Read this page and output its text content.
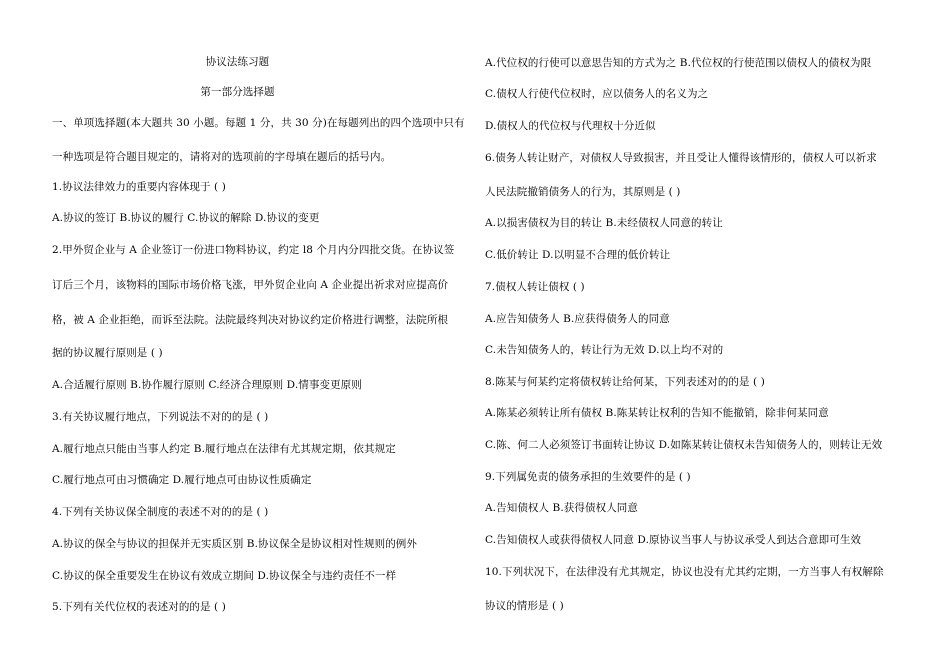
协议法练习题
第一部分选择题
一、单项选择题(本大题共 30 小题。每题 1 分，共 30 分)在每题列出的四个选项中只有
一种选项是符合题目规定的，请将对的选项前的字母填在题后的括号内。
1.协议法律效力的重要内容体现于 ( )
A.协议的签订 B.协议的履行 C.协议的解除 D.协议的变更
2.甲外贸企业与 A 企业签订一份进口物料协议，约定 l8 个月内分四批交货。在协议签
订后三个月，该物料的国际市场价格飞涨，甲外贸企业向 A 企业提出祈求对应提高价
格，被 A 企业拒绝，而诉至法院。法院最终判决对协议约定价格进行调整，法院所根
据的协议履行原则是 ( )
A.合适履行原则 B.协作履行原则 C.经济合理原则 D.情事变更原则
3.有关协议履行地点，下列说法不对的的是 ( )
A.履行地点只能由当事人约定 B.履行地点在法律有尤其规定期，依其规定
C.履行地点可由习惯确定 D.履行地点可由协议性质确定
4.下列有关协议保全制度的表述不对的的是 ( )
A.协议的保全与协议的担保并无实质区别 B.协议保全是协议相对性规则的例外
C.协议的保全重要发生在协议有效成立期间 D.协议保全与违约责任不一样
5.下列有关代位权的表述对的的是 ( )
A.代位权的行使可以意思告知的方式为之 B.代位权的行使范围以债权人的债权为限
C.债权人行使代位权时，应以债务人的名义为之
D.债权人的代位权与代理权十分近似
6.债务人转让财产，对债权人导致损害，并且受让人懂得该情形的，债权人可以祈求
人民法院撤销债务人的行为，其原则是 ( )
A.以损害债权为目的转让 B.未经债权人同意的转让
C.低价转让 D.以明显不合理的低价转让
7.债权人转让债权 ( )
A.应告知债务人 B.应获得债务人的同意
C.未告知债务人的，转让行为无效 D.以上均不对的
8.陈某与何某约定将债权转让给何某，下列表述对的的是 ( )
A.陈某必须转让所有债权 B.陈某转让权利的告知不能撤销，除非何某同意
C.陈、何二人必须签订书面转让协议 D.如陈某转让债权未告知债务人的，则转让无效
9.下列属免责的债务承担的生效要件的是 ( )
A.告知债权人 B.获得债权人同意
C.告知债权人或获得债权人同意 D.原协议当事人与协议承受人到达合意即可生效
10.下列状况下，在法律没有尤其规定，协议也没有尤其约定期，一方当事人有权解除
协议的情形是 ( )
